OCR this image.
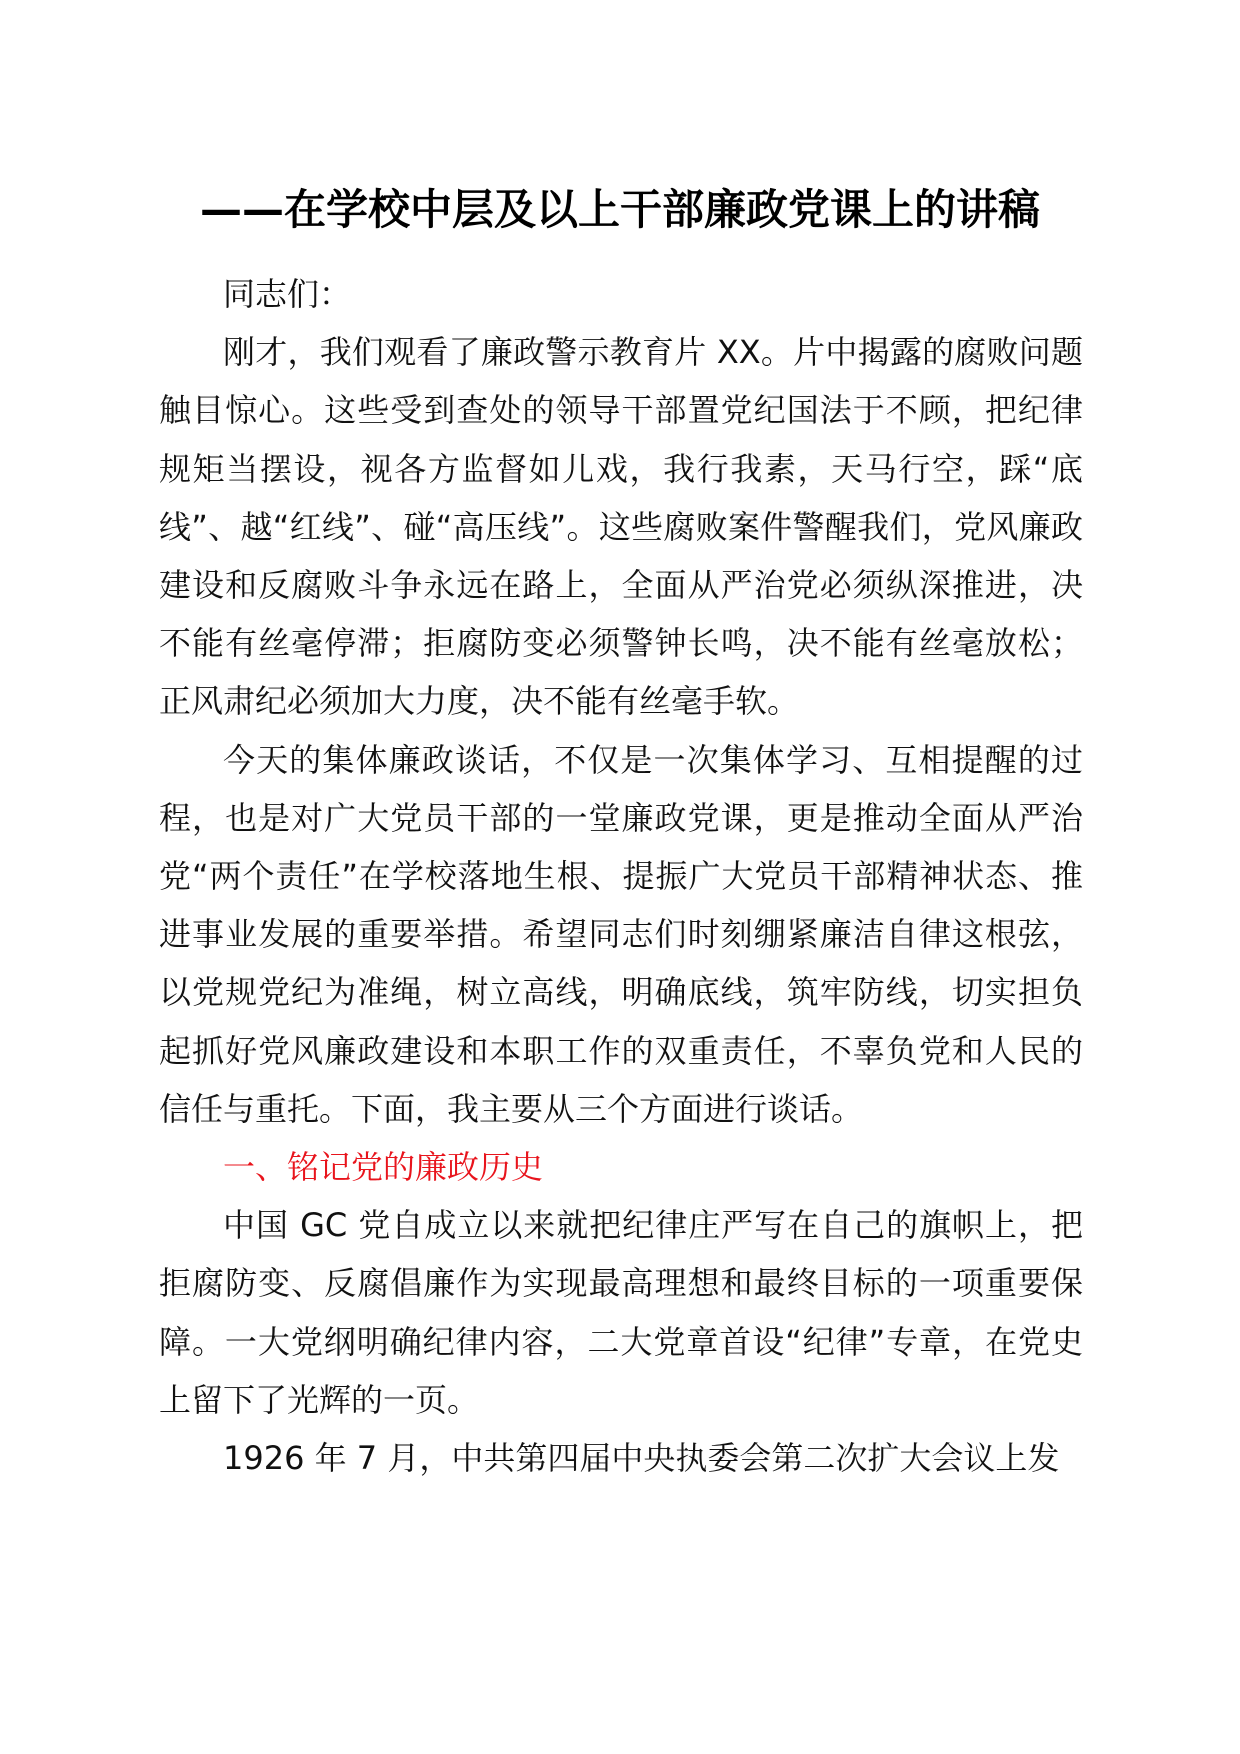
——在学校中层及以上干部廉政党课上的讲稿

同志们：

刚才，我们观看了廉政警示教育片 XX。片中揭露的腐败问题触目惊心。这些受到查处的领导干部置党纪国法于不顾，把纪律规矩当摆设，视各方监督如儿戏，我行我素，天马行空，踩“底线”、越“红线”、碰“高压线”。这些腐败案件警醒我们，党风廉政建设和反腐败斗争永远在路上，全面从严治党必须纵深推进，决不能有丝毫停滞；拒腐防变必须警钟长鸣，决不能有丝毫放松；正风肃纪必须加大力度，决不能有丝毫手软。

今天的集体廉政谈话，不仅是一次集体学习、互相提醒的过程，也是对广大党员干部的一堂廉政党课，更是推动全面从严治党“两个责任”在学校落地生根、提振广大党员干部精神状态、推进事业发展的重要举措。希望同志们时刻绷紧廉洁自律这根弦，以党规党纪为准绳，树立高线，明确底线，筑牢防线，切实担负起抓好党风廉政建设和本职工作的双重责任，不辜负党和人民的信任与重托。下面，我主要从三个方面进行谈话。

一、铭记党的廉政历史

中国 GC 党自成立以来就把纪律庄严写在自己的旗帜上，把拒腐防变、反腐倡廉作为实现最高理想和最终目标的一项重要保障。一大党纲明确纪律内容，二大党章首设“纪律”专章，在党史上留下了光辉的一页。

1926 年 7 月，中共第四届中央执委会第二次扩大会议上发
